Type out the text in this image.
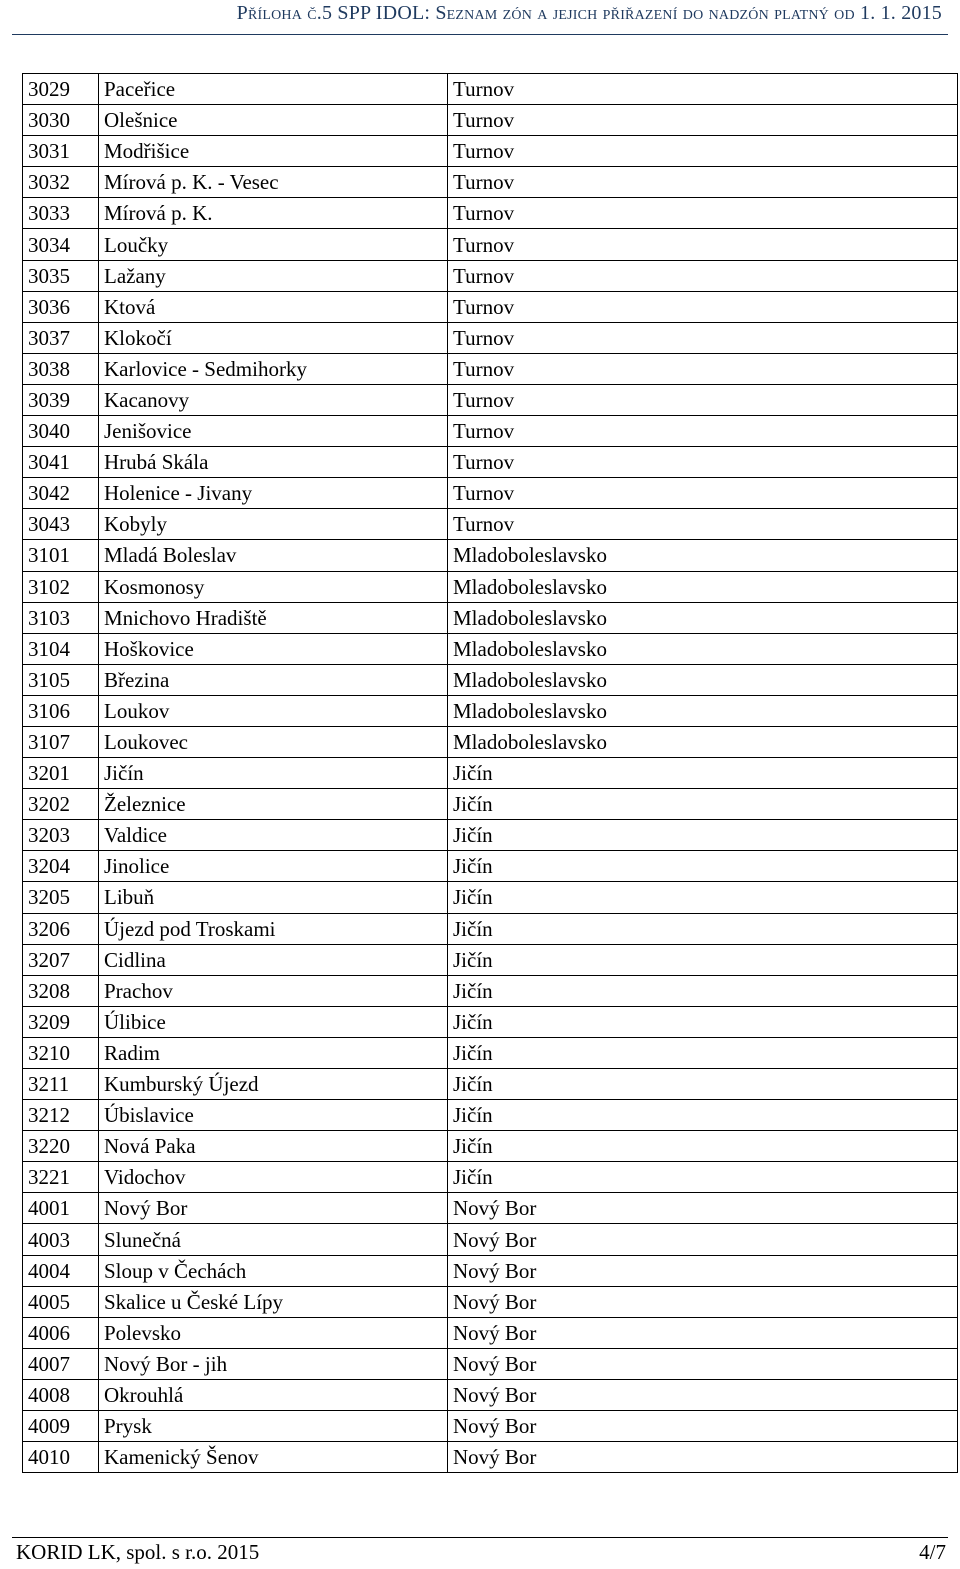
Příloha č.5 SPP IDOL: Seznam zón a jejich přiřazení do nadzón platný od 1. 1. 2015
3029	Paceřice	Turnov
3030	Olešnice	Turnov
3031	Modřišice	Turnov
3032	Mírová p. K. - Vesec	Turnov
3033	Mírová p. K.	Turnov
3034	Loučky	Turnov
3035	Lažany	Turnov
3036	Ktová	Turnov
3037	Klokočí	Turnov
3038	Karlovice - Sedmihorky	Turnov
3039	Kacanovy	Turnov
3040	Jenišovice	Turnov
3041	Hrubá Skála	Turnov
3042	Holenice - Jivany	Turnov
3043	Kobyly	Turnov
3101	Mladá Boleslav	Mladoboleslavsko
3102	Kosmonosy	Mladoboleslavsko
3103	Mnichovo Hradiště	Mladoboleslavsko
3104	Hoškovice	Mladoboleslavsko
3105	Březina	Mladoboleslavsko
3106	Loukov	Mladoboleslavsko
3107	Loukovec	Mladoboleslavsko
3201	Jičín	Jičín
3202	Železnice	Jičín
3203	Valdice	Jičín
3204	Jinolice	Jičín
3205	Libuň	Jičín
3206	Újezd pod Troskami	Jičín
3207	Cidlina	Jičín
3208	Prachov	Jičín
3209	Úlibice	Jičín
3210	Radim	Jičín
3211	Kumburský Újezd	Jičín
3212	Úbislavice	Jičín
3220	Nová Paka	Jičín
3221	Vidochov	Jičín
4001	Nový Bor	Nový Bor
4003	Slunečná	Nový Bor
4004	Sloup v Čechách	Nový Bor
4005	Skalice u České Lípy	Nový Bor
4006	Polevsko	Nový Bor
4007	Nový Bor - jih	Nový Bor
4008	Okrouhlá	Nový Bor
4009	Prysk	Nový Bor
4010	Kamenický Šenov	Nový Bor
KORID LK, spol. s r.o. 2015	4/7
